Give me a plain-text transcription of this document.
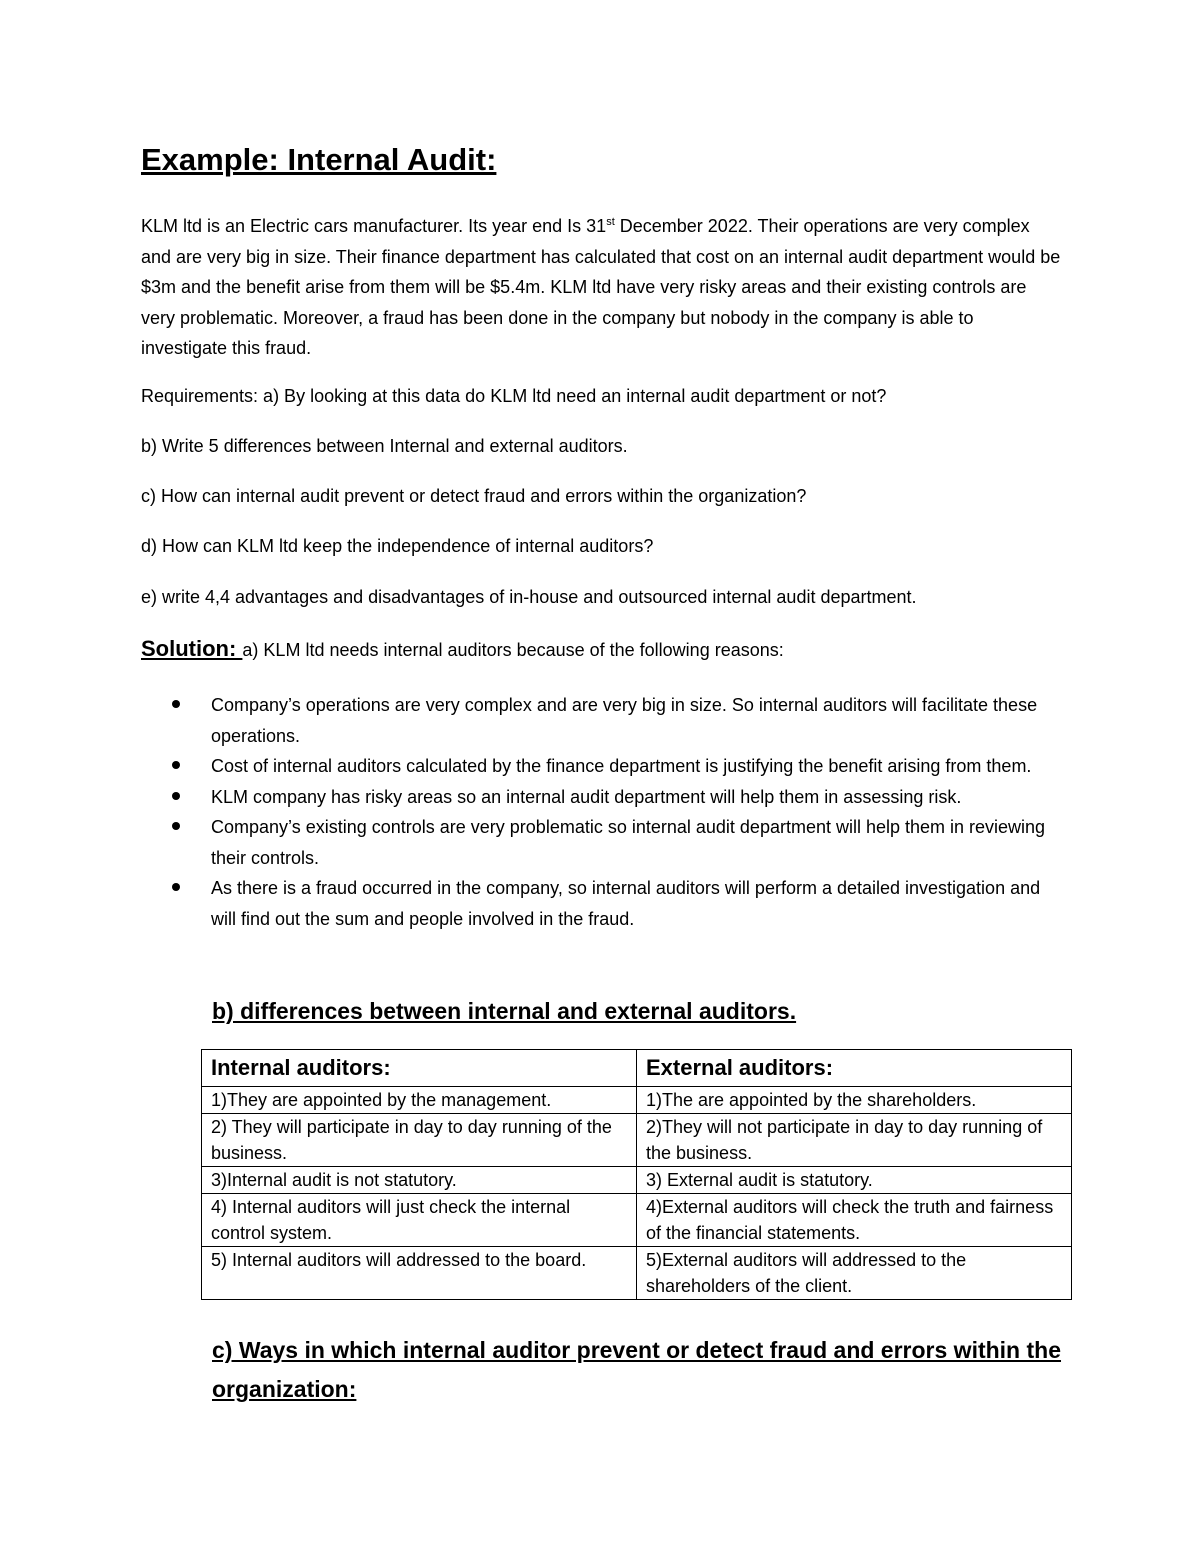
Example: Internal Audit:

KLM ltd is an Electric cars manufacturer. Its year end Is 31st December 2022. Their operations are very complex and are very big in size. Their finance department has calculated that cost on an internal audit department would be $3m and the benefit arise from them will be $5.4m. KLM ltd have very risky areas and their existing controls are very problematic. Moreover, a fraud has been done in the company but nobody in the company is able to investigate this fraud.

Requirements: a) By looking at this data do KLM ltd need an internal audit department or not?

b) Write 5 differences between Internal and external auditors.

c) How can internal audit prevent or detect fraud and errors within the organization?

d) How can KLM ltd keep the independence of internal auditors?

e) write 4,4 advantages and disadvantages of in-house and outsourced internal audit department.

Solution: a) KLM ltd needs internal auditors because of the following reasons:

Company’s operations are very complex and are very big in size. So internal auditors will facilitate these operations.
Cost of internal auditors calculated by the finance department is justifying the benefit arising from them.
KLM company has risky areas so an internal audit department will help them in assessing risk.
Company’s existing controls are very problematic so internal audit department will help them in reviewing their controls.
As there is a fraud occurred in the company, so internal auditors will perform a detailed investigation and will find out the sum and people involved in the fraud.
b) differences between internal and external auditors.
Internal auditors:	External auditors:
1)They are appointed by the management.	1)The are appointed by the shareholders.
2) They will participate in day to day running of the business.	2)They will not participate in day to day running of the business.
3)Internal audit is not statutory.	3) External audit is statutory.
4) Internal auditors will just check the internal control system.	4)External auditors will check the truth and fairness of the financial statements.
5) Internal auditors will addressed to the board.	5)External auditors will addressed to the shareholders of the client.
c) Ways in which internal auditor prevent or detect fraud and errors within the organization:
